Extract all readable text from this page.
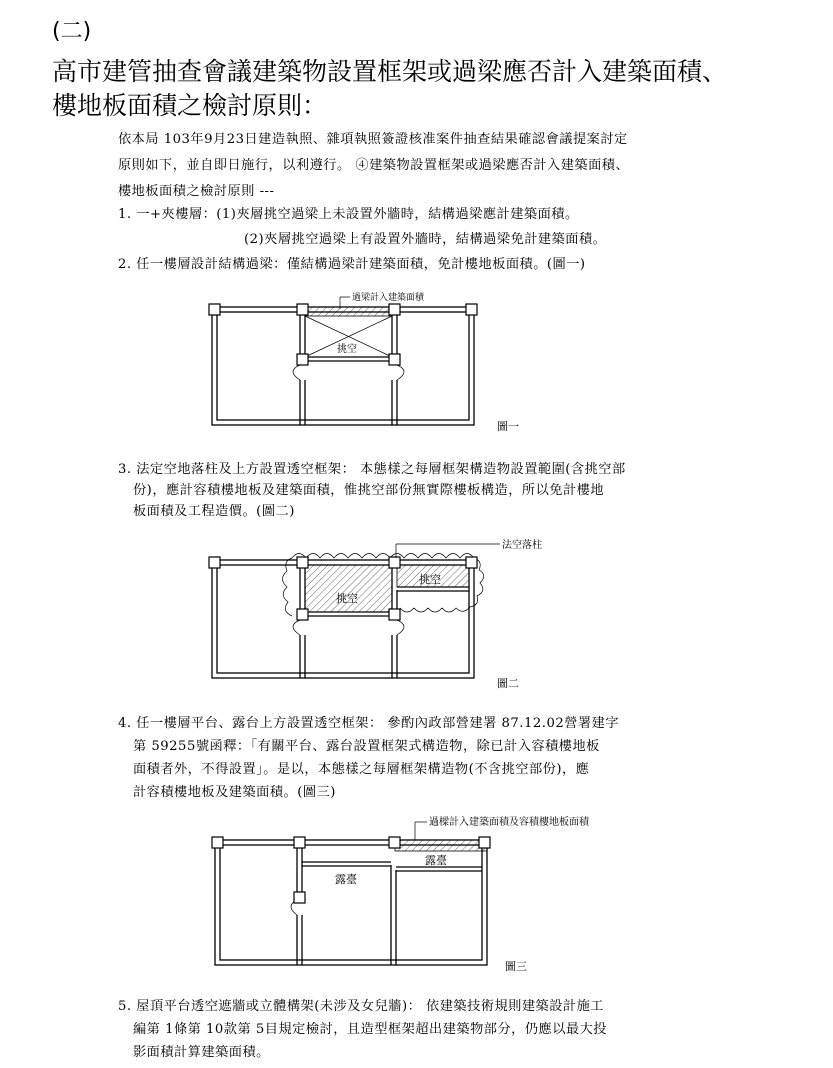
(二)
高市建管抽查會議建築物設置框架或過梁應否計入建築面積、
樓地板面積之檢討原則：
依本局 103年9月23日建造執照、雜項執照簽證核准案件抽查結果確認會議提案討定
原則如下，並自即日施行，以利遵行。 ④建築物設置框架或過梁應否計入建築面積、
樓地板面積之檢討原則 ---
1. 一+夾樓層：(1)夾層挑空過梁上未設置外牆時，結構過梁應計建築面積。
(2)夾層挑空過梁上有設置外牆時，結構過梁免計建築面積。
2. 任一樓層設計結構過梁：僅結構過梁計建築面積，免計樓地板面積。(圖一)
過梁計入建築面積
挑空
圖一
3. 法定空地落柱及上方設置透空框架： 本態樣之每層框架構造物設置範圍(含挑空部
份)，應計容積樓地板及建築面積，惟挑空部份無實際樓板構造，所以免計樓地
板面積及工程造價。(圖二)
法空落柱
挑空
挑空
圖二
4. 任一樓層平台、露台上方設置透空框架： 參酌內政部營建署 87.12.02營署建字
第 59255號函釋：「有關平台、露台設置框架式構造物，除已計入容積樓地板
面積者外，不得設置」。是以，本態樣之每層框架構造物(不含挑空部份)，應
計容積樓地板及建築面積。(圖三)
過樑計入建築面積及容積樓地板面積
露臺
露臺
圖三
5. 屋頂平台透空遮牆或立體構架(未涉及女兒牆)： 依建築技術規則建築設計施工
編第 1條第 10款第 5目規定檢討，且造型框架超出建築物部分，仍應以最大投
影面積計算建築面積。
